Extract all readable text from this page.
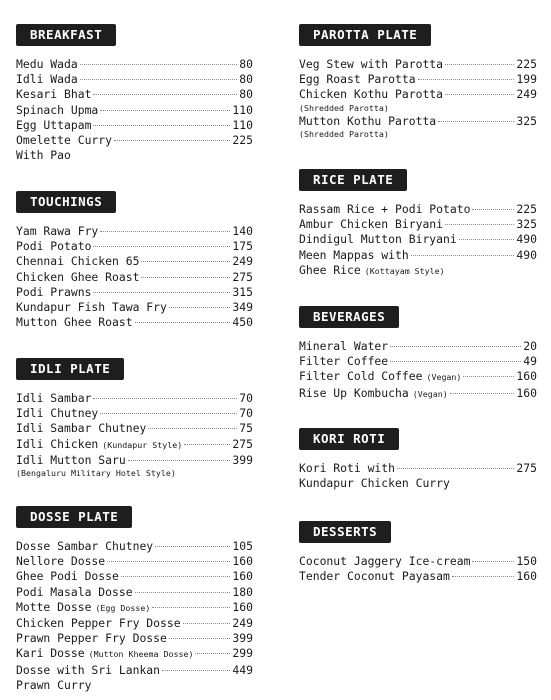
BREAKFAST
Medu Wada	80
Idli Wada	80
Kesari Bhat	80
Spinach Upma	110
Egg Uttapam	110
Omelette Curry	225
With Pao
TOUCHINGS
Yam Rawa Fry	140
Podi Potato	175
Chennai Chicken 65	249
Chicken Ghee Roast	275
Podi Prawns	315
Kundapur Fish Tawa Fry	349
Mutton Ghee Roast	450
IDLI PLATE
Idli Sambar	70
Idli Chutney	70
Idli Sambar Chutney	75
Idli Chicken (Kundapur Style)	275
Idli Mutton Saru	399
(Bengaluru Military Hotel Style)
DOSSE PLATE
Dosse Sambar Chutney	105
Nellore Dosse	160
Ghee Podi Dosse	160
Podi Masala Dosse	180
Motte Dosse (Egg Dosse)	160
Chicken Pepper Fry Dosse	249
Prawn Pepper Fry Dosse	399
Kari Dosse (Mutton Kheema Dosse)	299
Dosse with Sri Lankan	449
Prawn Curry
PAROTTA PLATE
Veg Stew with Parotta	225
Egg Roast Parotta	199
Chicken Kothu Parotta	249
(Shredded Parotta)
Mutton Kothu Parotta	325
(Shredded Parotta)
RICE PLATE
Rassam Rice + Podi Potato	225
Ambur Chicken Biryani	325
Dindigul Mutton Biryani	490
Meen Mappas with	490
Ghee Rice (Kottayam Style)
BEVERAGES
Mineral Water	20
Filter Coffee	49
Filter Cold Coffee (Vegan)	160
Rise Up Kombucha (Vegan)	160
KORI ROTI
Kori Roti with	275
Kundapur Chicken Curry
DESSERTS
Coconut Jaggery Ice-cream	150
Tender Coconut Payasam	160
